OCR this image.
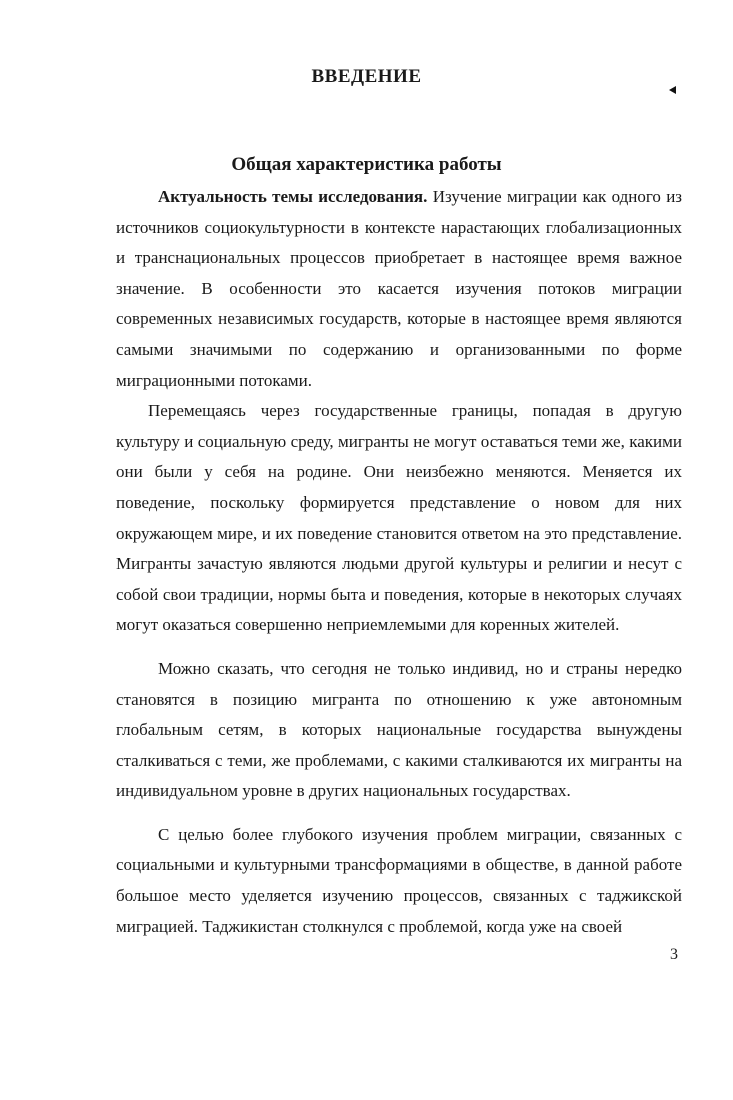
ВВЕДЕНИЕ
Общая характеристика работы

Актуальность темы исследования. Изучение миграции как одного из источников социокультурности в контексте нарастающих глобализационных и транснациональных процессов приобретает в настоящее время важное значение. В особенности это касается изучения потоков миграции современных независимых государств, которые в настоящее время являются самыми значимыми по содержанию и организованными по форме миграционными потоками.

Перемещаясь через государственные границы, попадая в другую культуру и социальную среду, мигранты не могут оставаться теми же, какими они были у себя на родине. Они неизбежно меняются. Меняется их поведение, поскольку формируется представление о новом для них окружающем мире, и их поведение становится ответом на это представление. Мигранты зачастую являются людьми другой культуры и религии и несут с собой свои традиции, нормы быта и поведения, которые в некоторых случаях могут оказаться совершенно неприемлемыми для коренных жителей.

Можно сказать, что сегодня не только индивид, но и страны нередко становятся в позицию мигранта по отношению к уже автономным глобальным сетям, в которых национальные государства вынуждены сталкиваться с теми, же проблемами, с какими сталкиваются их мигранты на индивидуальном уровне в других национальных государствах.

С целью более глубокого изучения проблем миграции, связанных с социальными и культурными трансформациями в обществе, в данной работе большое место уделяется изучению процессов, связанных с таджикской миграцией. Таджикистан столкнулся с проблемой, когда уже на своей

3
